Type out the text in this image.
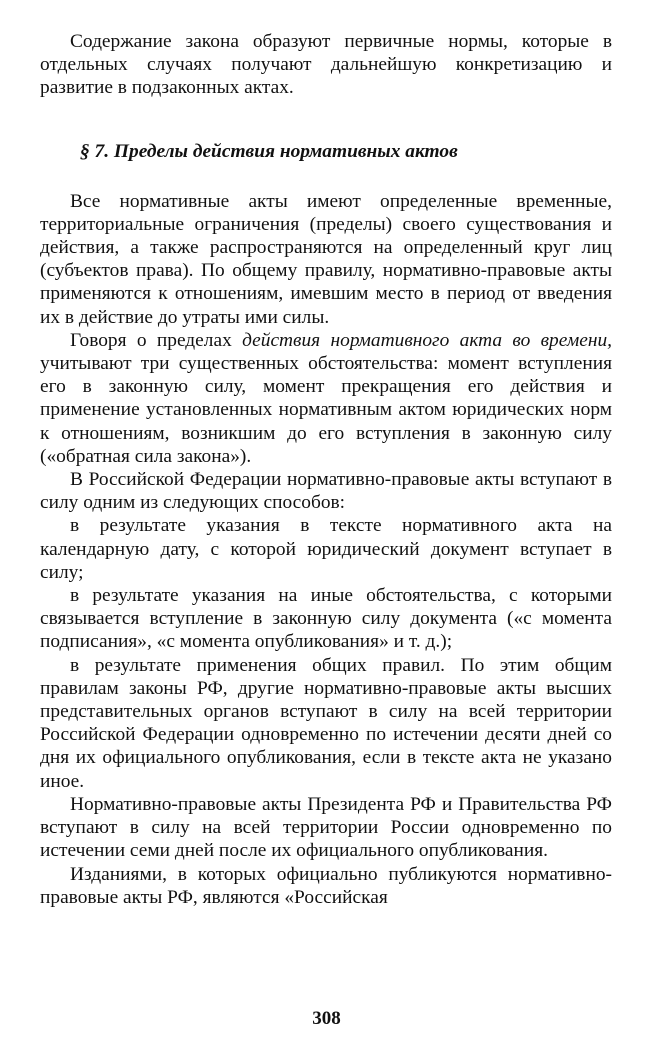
Содержание закона образуют первичные нормы, которые в отдельных случаях получают дальнейшую конкретизацию и развитие в подзаконных актах.

§ 7. Пределы действия нормативных актов

Все нормативные акты имеют определенные временные, территориальные ограничения (пределы) своего существования и действия, а также распространяются на определенный круг лиц (субъектов права). По общему правилу, нормативно-правовые акты применяются к отношениям, имевшим место в период от введения их в действие до утраты ими силы.

Говоря о пределах действия нормативного акта во времени, учитывают три существенных обстоятельства: момент вступления его в законную силу, момент прекращения его действия и применение установленных нормативным актом юридических норм к отношениям, возникшим до его вступления в законную силу («обратная сила закона»).

В Российской Федерации нормативно-правовые акты вступают в силу одним из следующих способов:

в результате указания в тексте нормативного акта на календарную дату, с которой юридический документ вступает в силу;

в результате указания на иные обстоятельства, с которыми связывается вступление в законную силу документа («с момента подписания», «с момента опубликования» и т. д.);

в результате применения общих правил. По этим общим правилам законы РФ, другие нормативно-правовые акты высших представительных органов вступают в силу на всей территории Российской Федерации одновременно по истечении десяти дней со дня их официального опубликования, если в тексте акта не указано иное.

Нормативно-правовые акты Президента РФ и Правительства РФ вступают в силу на всей территории России одновременно по истечении семи дней после их официального опубликования.

Изданиями, в которых официально публикуются нормативно-правовые акты РФ, являются «Российская

308
